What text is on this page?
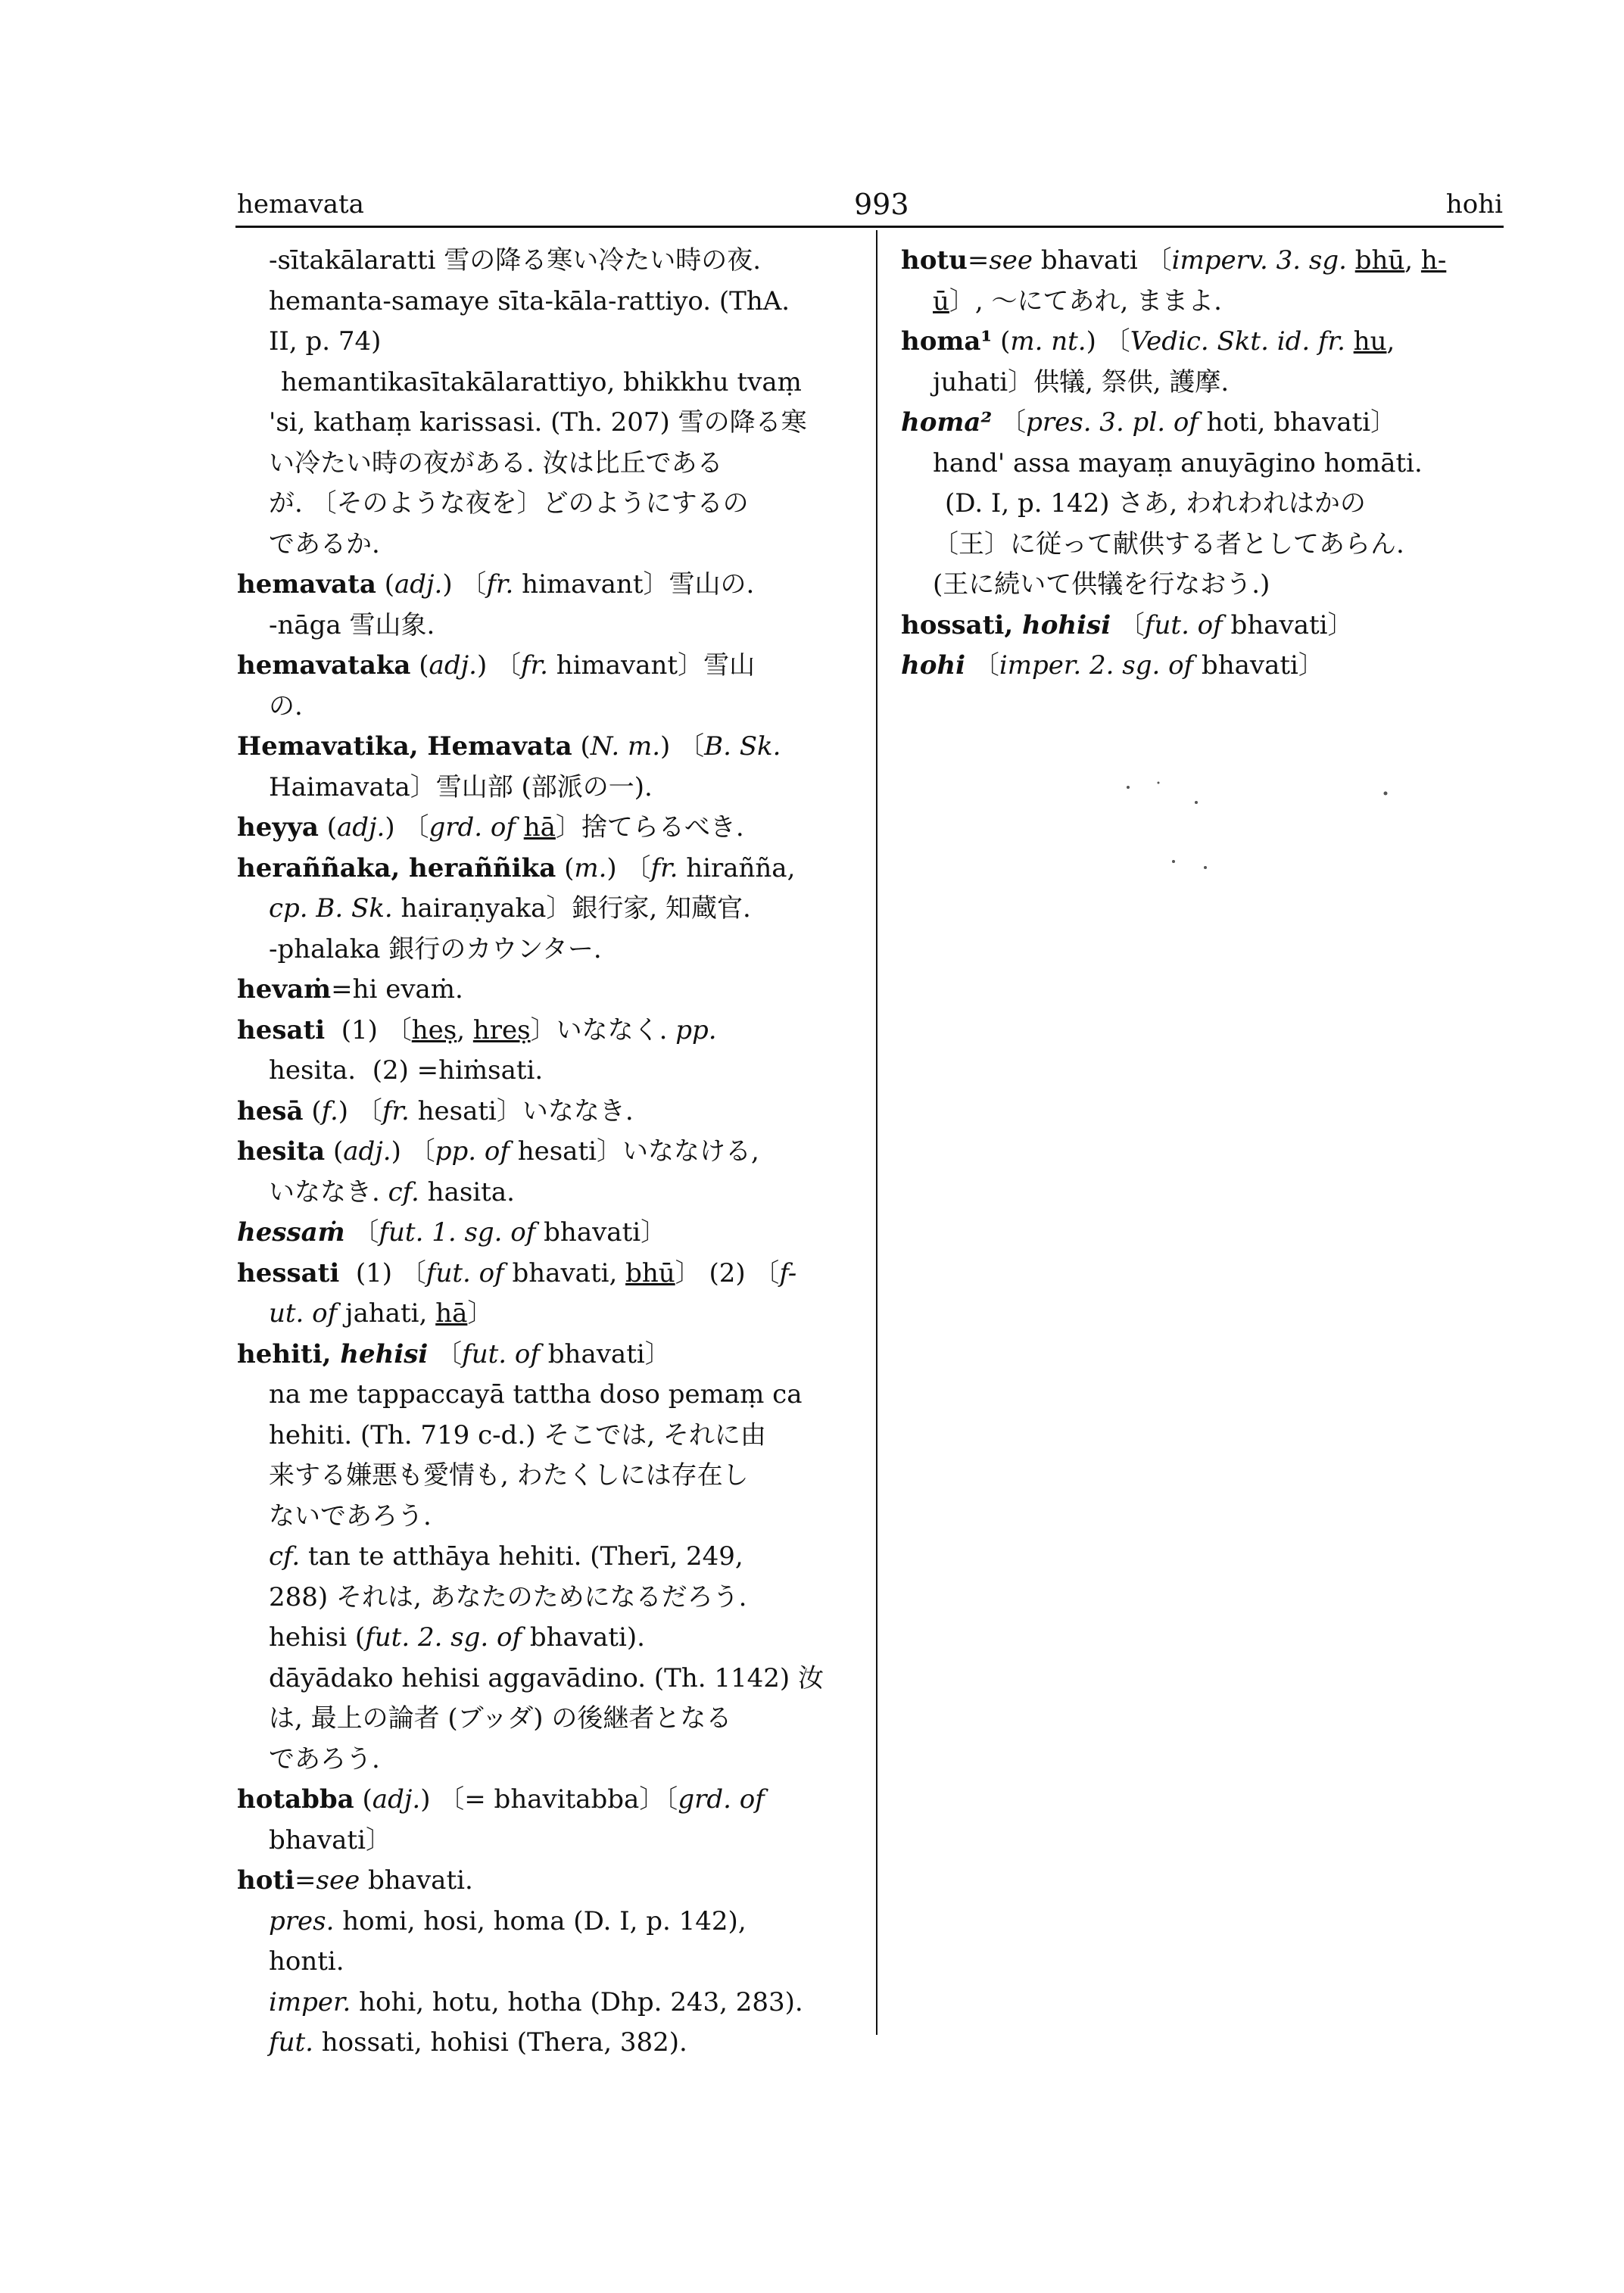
hemavata	993	hohi
-sītakālaratti 雪の降る寒い冷たい時の夜.
hemanta-samaye sīta-kāla-rattiyo. (ThA.
II, p. 74)
hemantikasītakālarattiyo, bhikkhu tvaṃ
'si, kathaṃ karissasi. (Th. 207) 雪の降る寒
い冷たい時の夜がある. 汝は比丘である
が. 〔そのような夜を〕どのようにするの
であるか.
hemavata (adj.) 〔fr. himavant〕雪山の.
-nāga 雪山象.
hemavataka (adj.) 〔fr. himavant〕雪山
の.
Hemavatika, Hemavata (N. m.) 〔B. Sk.
Haimavata〕雪山部 (部派の一).
heyya (adj.) 〔grd. of hā〕捨てらるべき.
heraññaka, heraññika (m.) 〔fr. hirañña,
cp. B. Sk. hairaṇyaka〕銀行家, 知蔵官.
-phalaka 銀行のカウンター.
hevaṁ=hi evaṁ.
hesati  (1) 〔heṣ, hreṣ〕いななく. pp.
hesita.  (2) =hiṁsati.
hesā (f.) 〔fr. hesati〕いななき.
hesita (adj.) 〔pp. of hesati〕いななける,
いななき. cf. hasita.
hessaṁ 〔fut. 1. sg. of bhavati〕
hessati  (1) 〔fut. of bhavati, bhū〕 (2) 〔f-
ut. of jahati, hā〕
hehiti, hehisi 〔fut. of bhavati〕
na me tappaccayā tattha doso pemaṃ ca
hehiti. (Th. 719 c-d.) そこでは, それに由
来する嫌悪も愛情も, わたくしには存在し
ないであろう.
cf. tan te atthāya hehiti. (Therī, 249,
288) それは, あなたのためになるだろう.
hehisi (fut. 2. sg. of bhavati).
dāyādako hehisi aggavādino. (Th. 1142) 汝
は, 最上の論者 (ブッダ) の後継者となる
であろう.
hotabba (adj.) 〔= bhavitabba〕〔grd. of
bhavati〕
hoti=see bhavati.
pres. homi, hosi, homa (D. I, p. 142),
honti.
imper. hohi, hotu, hotha (Dhp. 243, 283).
fut. hossati, hohisi (Thera, 382).
hotu=see bhavati 〔imperv. 3. sg. bhū, h-
ū〕, ～にてあれ, ままよ.
homa¹ (m. nt.) 〔Vedic. Skt. id. fr. hu,
juhati〕供犠, 祭供, 護摩.
homa² 〔pres. 3. pl. of hoti, bhavati〕
hand' assa mayaṃ anuyāgino homāti.
(D. I, p. 142) さあ, われわれはかの
〔王〕に従って献供する者としてあらん.
(王に続いて供犠を行なおう.)
hossati, hohisi 〔fut. of bhavati〕
hohi 〔imper. 2. sg. of bhavati〕
